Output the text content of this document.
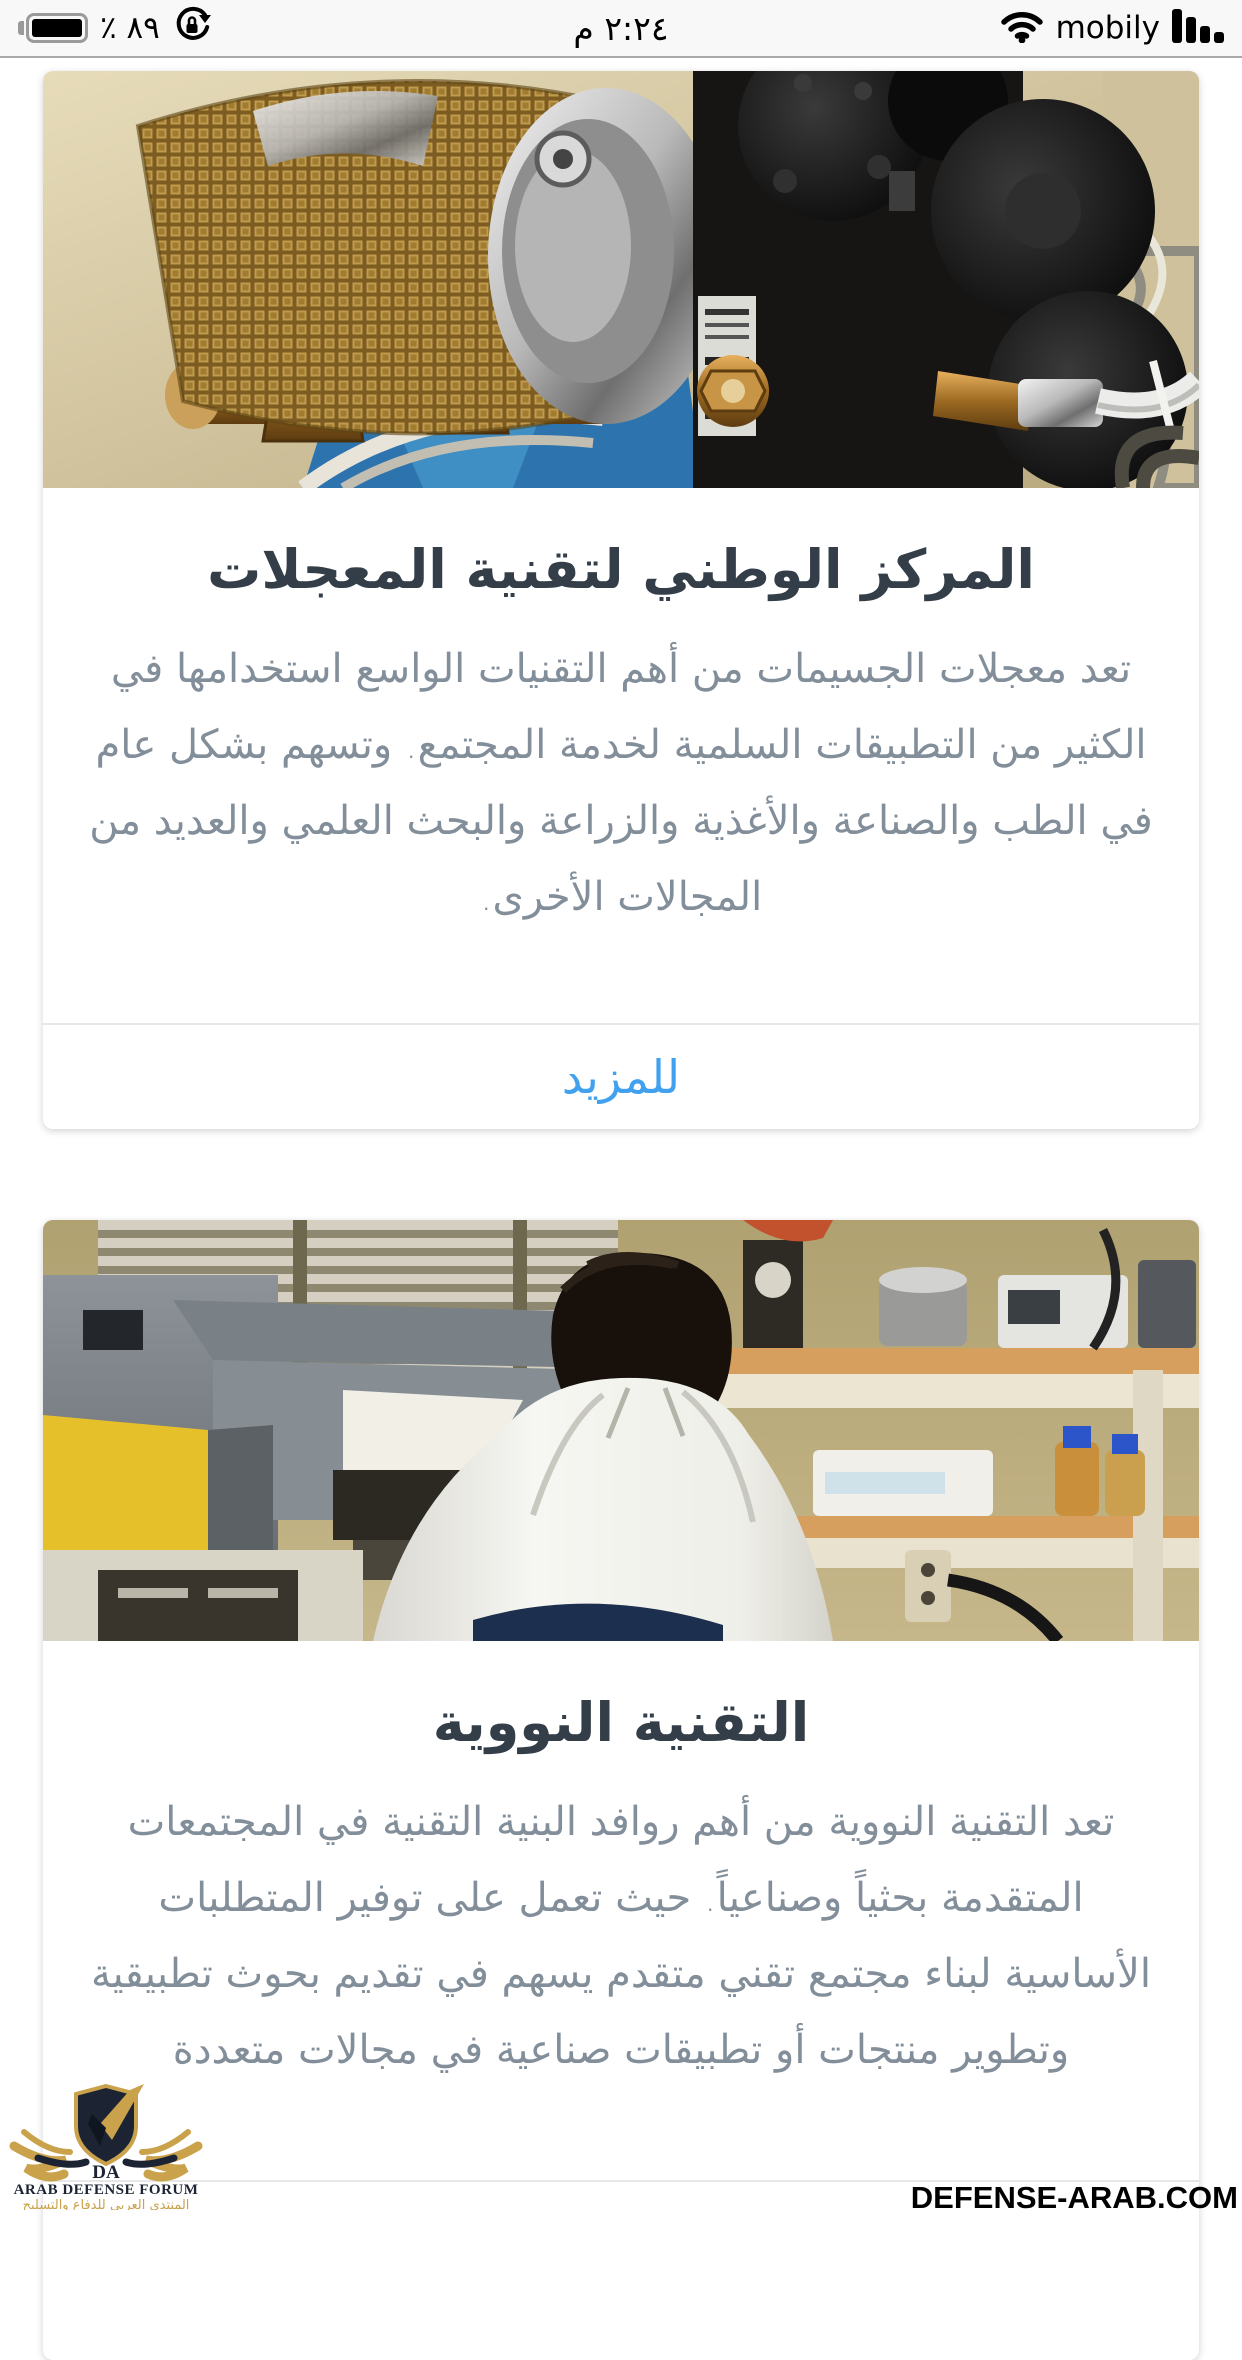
٪ ٨٩	٢:٢٤ م	mobily
المركز الوطني لتقنية المعجلات

تعد معجلات الجسيمات من أهم التقنيات الواسع استخدامها في الكثير من التطبيقات السلمية لخدمة المجتمع. وتسهم بشكل عام في الطب والصناعة والأغذية والزراعة والبحث العلمي والعديد من المجالات الأخرى.

للمزيد
التقنية النووية

تعد التقنية النووية من أهم روافد البنية التقنية في المجتمعات المتقدمة بحثياً وصناعياً. حيث تعمل على توفير المتطلبات الأساسية لبناء مجتمع تقني متقدم يسهم في تقديم بحوث تطبيقية وتطوير منتجات أو تطبيقات صناعية في مجالات متعددة

DA
ARAB DEFENSE FORUM
المنتدى العربي للدفاع والتسليح	DEFENSE-ARAB.COM
